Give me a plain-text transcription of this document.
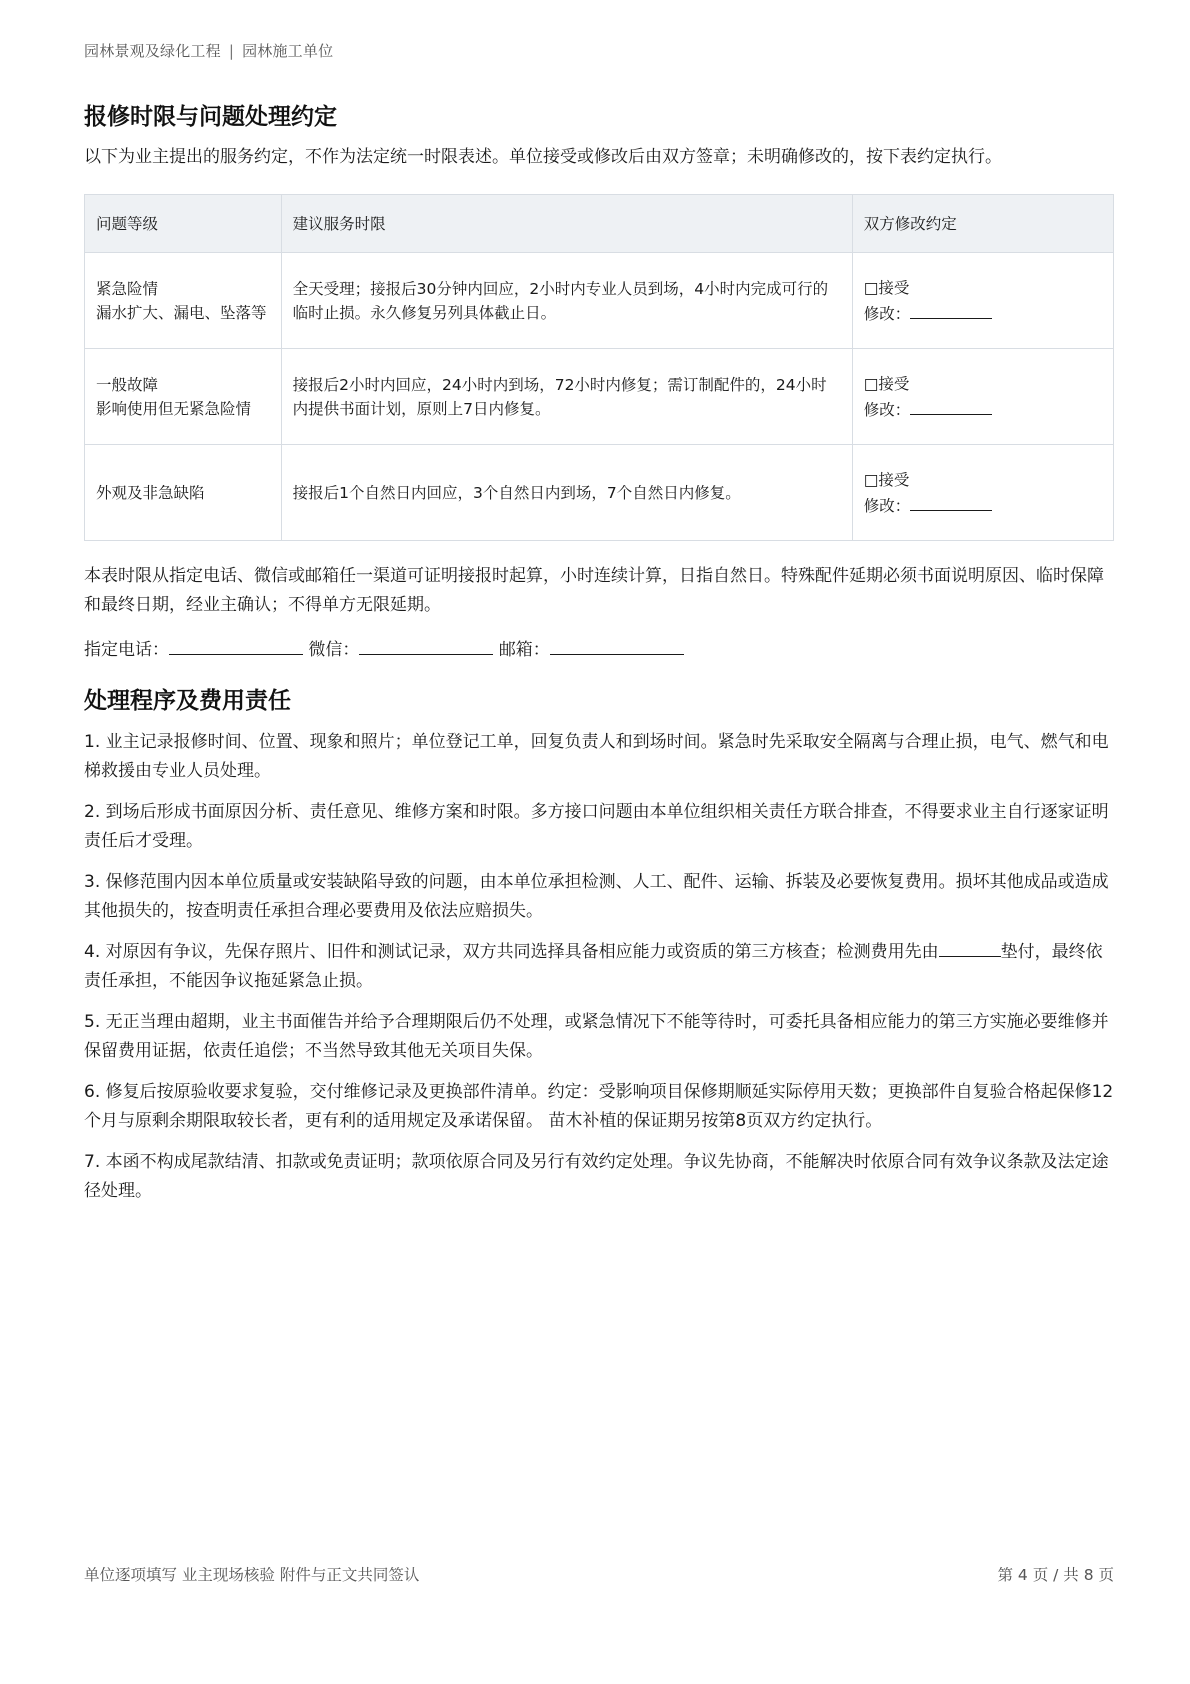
园林景观及绿化工程 | 园林施工单位
报修时限与问题处理约定

以下为业主提出的服务约定，不作为法定统一时限表述。单位接受或修改后由双方签章；未明确修改的，按下表约定执行。

问题等级	建议服务时限	双方修改约定

紧急险情
漏水扩大、漏电、坠落等	全天受理；接报后30分钟内回应，2小时内专业人员到场，4小时内完成可行的临时止损。永久修复另列具体截止日。	□接受
修改：

一般故障
影响使用但无紧急险情	接报后2小时内回应，24小时内到场，72小时内修复；需订制配件的，24小时内提供书面计划，原则上7日内修复。	□接受
修改：

外观及非急缺陷	接报后1个自然日内回应，3个自然日内到场，7个自然日内修复。	□接受
修改：

本表时限从指定电话、微信或邮箱任一渠道可证明接报时起算，小时连续计算，日指自然日。特殊配件延期必须书面说明原因、临时保障和最终日期，经业主确认；不得单方无限延期。

指定电话：	微信：	邮箱：

处理程序及费用责任

1. 业主记录报修时间、位置、现象和照片；单位登记工单，回复负责人和到场时间。紧急时先采取安全隔离与合理止损，电气、燃气和电梯救援由专业人员处理。

2. 到场后形成书面原因分析、责任意见、维修方案和时限。多方接口问题由本单位组织相关责任方联合排查，不得要求业主自行逐家证明责任后才受理。

3. 保修范围内因本单位质量或安装缺陷导致的问题，由本单位承担检测、人工、配件、运输、拆装及必要恢复费用。损坏其他成品或造成其他损失的，按查明责任承担合理必要费用及依法应赔损失。

4. 对原因有争议，先保存照片、旧件和测试记录，双方共同选择具备相应能力或资质的第三方核查；检测费用先由	垫付，最终依责任承担，不能因争议拖延紧急止损。

5. 无正当理由超期，业主书面催告并给予合理期限后仍不处理，或紧急情况下不能等待时，可委托具备相应能力的第三方实施必要维修并保留费用证据，依责任追偿；不当然导致其他无关项目失保。

6. 修复后按原验收要求复验，交付维修记录及更换部件清单。约定：受影响项目保修期顺延实际停用天数；更换部件自复验合格起保修12个月与原剩余期限取较长者，更有利的适用规定及承诺保留。 苗木补植的保证期另按第8页双方约定执行。

7. 本函不构成尾款结清、扣款或免责证明；款项依原合同及另行有效约定处理。争议先协商，不能解决时依原合同有效争议条款及法定途径处理。

单位逐项填写 业主现场核验 附件与正文共同签认	第 4 页 / 共 8 页
